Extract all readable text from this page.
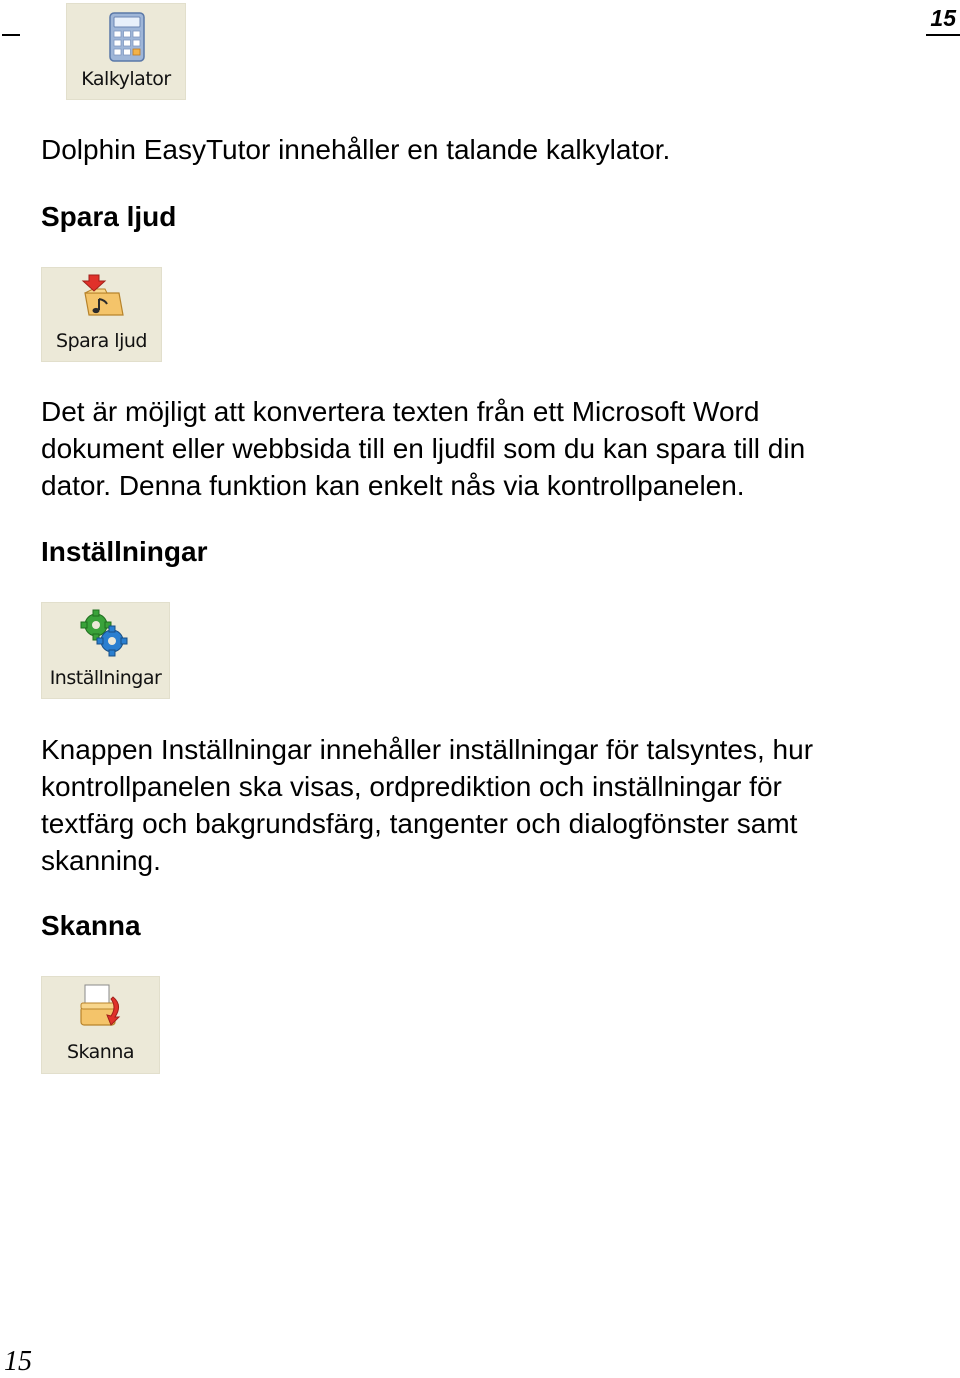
15
Kalkylator

Dolphin EasyTutor innehåller en talande kalkylator.

Spara ljud
Spara ljud

Det är möjligt att konvertera texten från ett Microsoft Word

dokument eller webbsida till en ljudfil som du kan spara till din

dator. Denna funktion kan enkelt nås via kontrollpanelen.

Inställningar
Inställningar

Knappen Inställningar innehåller inställningar för talsyntes, hur

kontrollpanelen ska visas, ordprediktion och inställningar för

textfärg och bakgrundsfärg, tangenter och dialogfönster samt

skanning.

Skanna
Skanna
15
